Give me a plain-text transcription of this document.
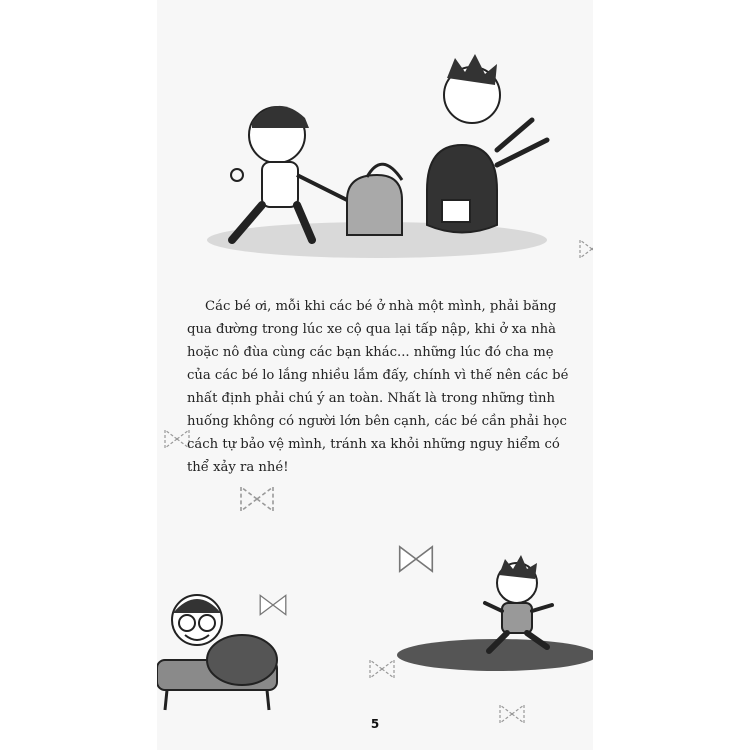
Các bé ơi, mỗi khi các bé ở nhà một mình, phải băng qua đường trong lúc xe cộ qua lại tấp nập, khi ở xa nhà hoặc nô đùa cùng các bạn khác... những lúc đó cha mẹ của các bé lo lắng nhiều lắm đấy, chính vì thế nên các bé nhất định phải chú ý an toàn. Nhất là trong những tình huống không có người lớn bên cạnh, các bé cần phải học cách tự bảo vệ mình, tránh xa khỏi những nguy hiểm có thể xảy ra nhé!

5
